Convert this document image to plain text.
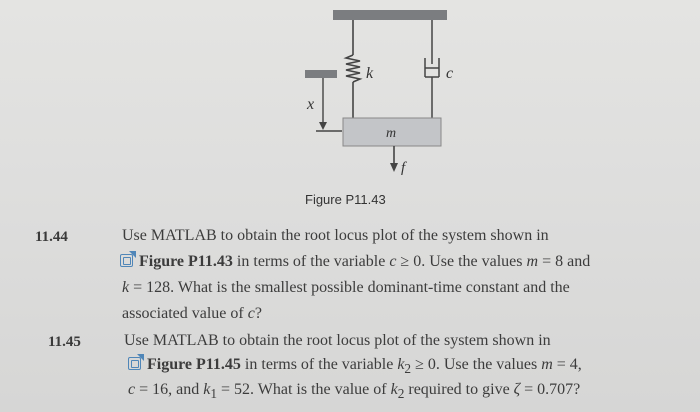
k	c
m
x
f
Figure P11.43
11.44	Use MATLAB to obtain the root locus plot of the system shown in
Figure P11.43 in terms of the variable c ≥ 0. Use the values m = 8 and
k = 128. What is the smallest possible dominant-time constant and the
associated value of c?
11.45	Use MATLAB to obtain the root locus plot of the system shown in
Figure P11.45 in terms of the variable $k_2 \ge 0$. Use the values m = 4,
c = 16, and $k_1 = 52$. What is the value of $k_2$ required to give ζ = 0.707?
